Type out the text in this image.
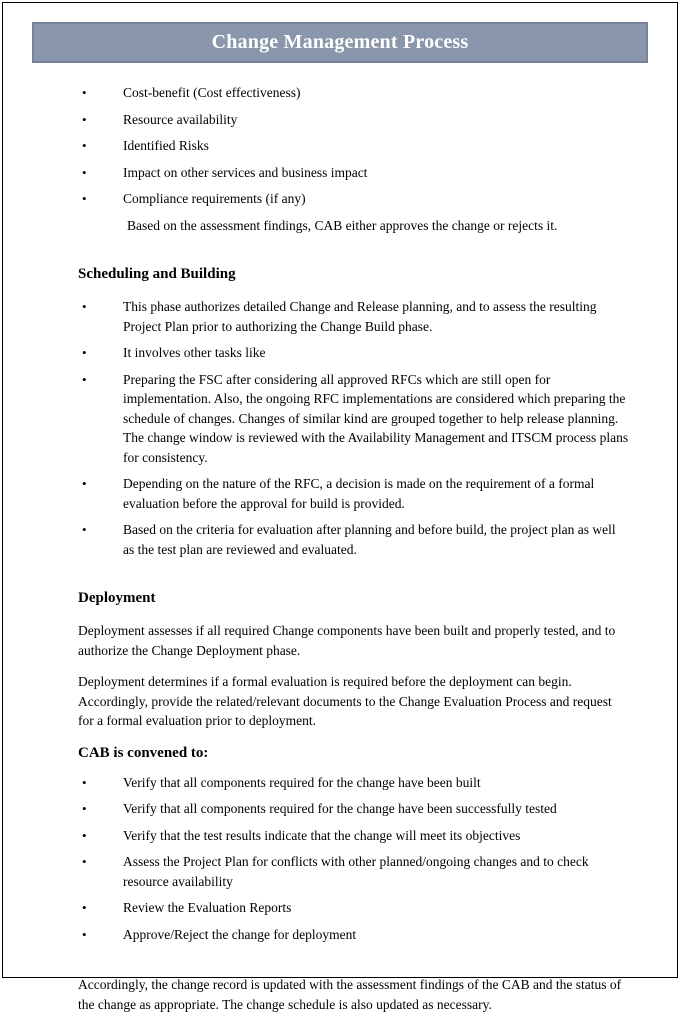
Change Management Process
•	Cost-benefit (Cost effectiveness)
•	Resource availability
•	Identified Risks
•	Impact on other services and business impact
•	Compliance requirements (if any)

Based on the assessment findings, CAB either approves the change or rejects it.

Scheduling and Building
•	This phase authorizes detailed Change and Release planning, and to assess the resulting Project Plan prior to authorizing the Change Build phase.
•	It involves other tasks like
•	Preparing the FSC after considering all approved RFCs which are still open for implementation. Also, the ongoing RFC implementations are considered which preparing the schedule of changes. Changes of similar kind are grouped together to help release planning. The change window is reviewed with the Availability Management and ITSCM process plans for consistency.
•	Depending on the nature of the RFC, a decision is made on the requirement of a formal evaluation before the approval for build is provided.
•	Based on the criteria for evaluation after planning and before build, the project plan as well as the test plan are reviewed and evaluated.
Deployment

Deployment assesses if all required Change components have been built and properly tested, and to authorize the Change Deployment phase.

Deployment determines if a formal evaluation is required before the deployment can begin. Accordingly, provide the related/relevant documents to the Change Evaluation Process and request for a formal evaluation prior to deployment.

CAB is convened to:
•	Verify that all components required for the change have been built
•	Verify that all components required for the change have been successfully tested
•	Verify that the test results indicate that the change will meet its objectives
•	Assess the Project Plan for conflicts with other planned/ongoing changes and to check resource availability
•	Review the Evaluation Reports
•	Approve/Reject the change for deployment

Accordingly, the change record is updated with the assessment findings of the CAB and the status of the change as appropriate. The change schedule is also updated as necessary.
